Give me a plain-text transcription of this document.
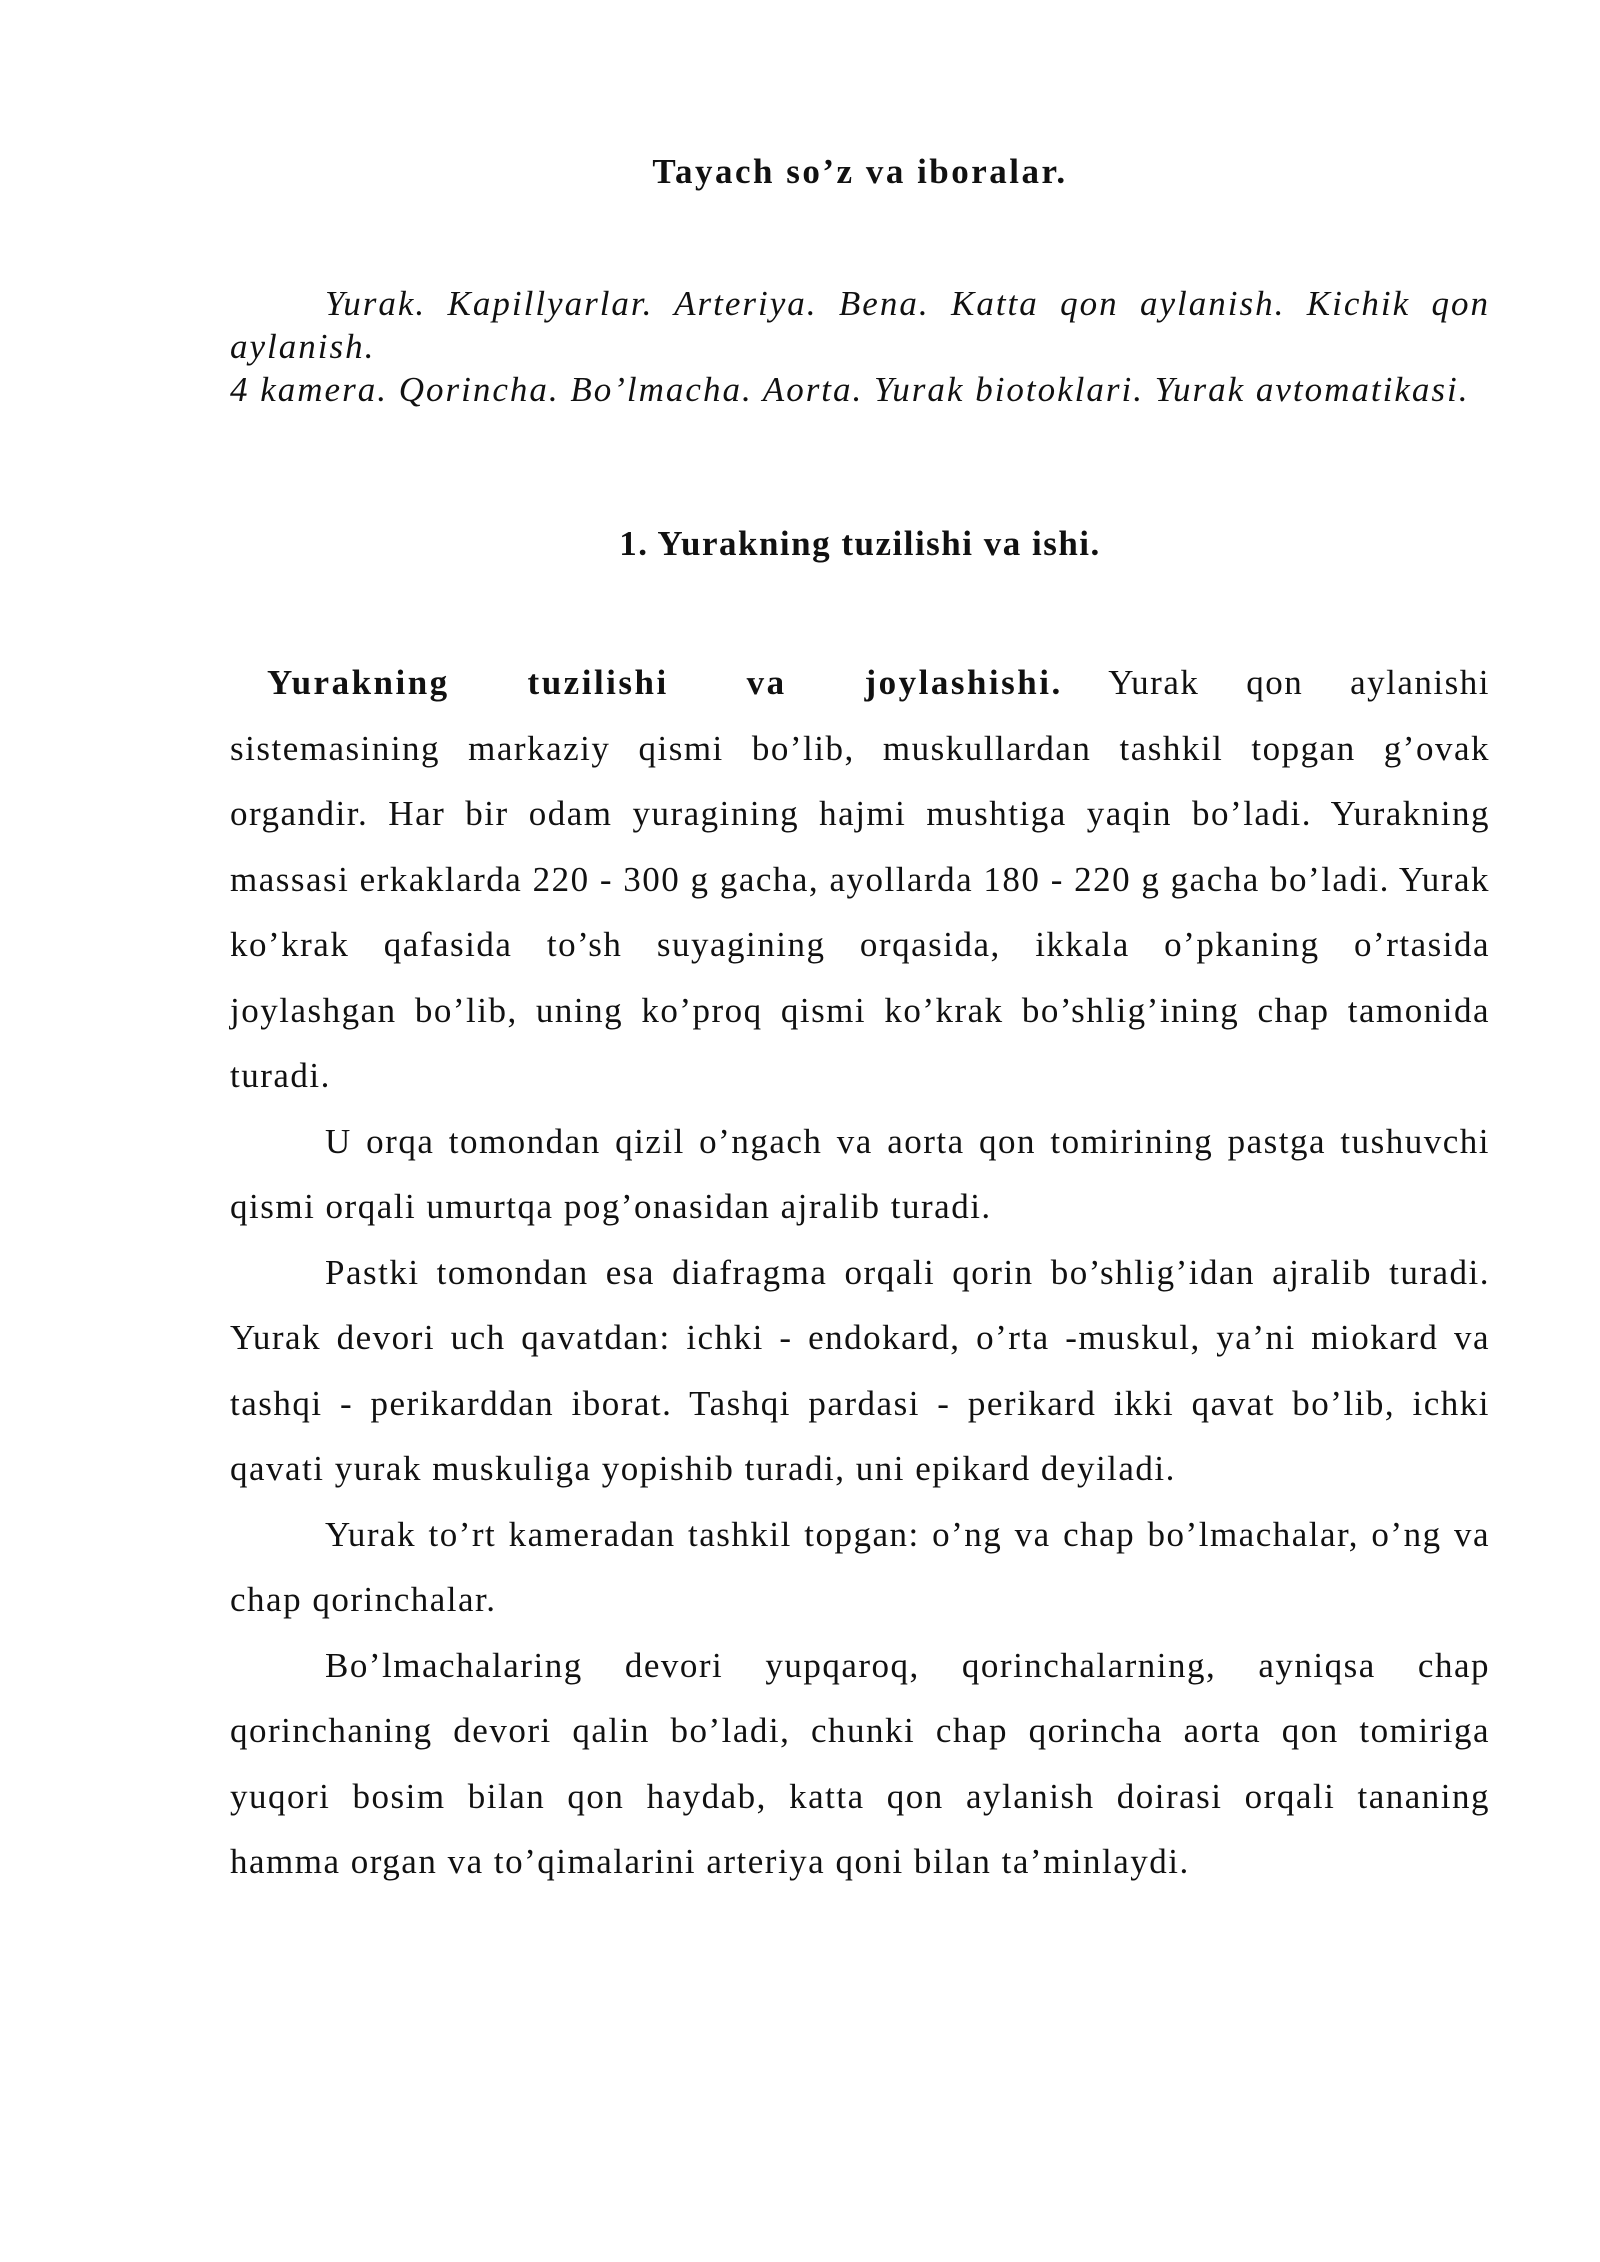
Tayach so’z va iboralar.

Yurak. Kapillyarlar. Arteriya. Bena. Katta qon aylanish. Kichik qon aylanish.

4 kamera. Qorincha. Bo’lmacha. Aorta. Yurak biotoklari. Yurak avtomatikasi.

1. Yurakning tuzilishi va ishi.

Yurakning tuzilishi va joylashishi. Yurak qon aylanishi sistemasining markaziy qismi bo’lib, muskullardan tashkil topgan g’ovak organdir. Har bir odam yuragining hajmi mushtiga yaqin bo’ladi. Yurakning massasi erkaklarda 220 - 300 g gacha, ayollarda 180 - 220 g gacha bo’ladi. Yurak ko’krak qafasida to’sh suyagining orqasida, ikkala o’pkaning o’rtasida joylashgan bo’lib, uning ko’proq qismi ko’krak bo’shlig’ining chap tamonida turadi.

U orqa tomondan qizil o’ngach va aorta qon tomirining pastga tushuvchi qismi orqali umurtqa pog’onasidan ajralib turadi.

Pastki tomondan esa diafragma orqali qorin bo’shlig’idan ajralib turadi. Yurak devori uch qavatdan: ichki - endokard, o’rta -muskul, ya’ni miokard va tashqi - perikarddan iborat. Tashqi pardasi - perikard ikki qavat bo’lib, ichki qavati yurak muskuliga yopishib turadi, uni epikard deyiladi.

Yurak to’rt kameradan tashkil topgan: o’ng va chap bo’lmachalar, o’ng va chap qorinchalar.

Bo’lmachalaring devori yupqaroq, qorinchalarning, ayniqsa chap qorinchaning devori qalin bo’ladi, chunki chap qorincha aorta qon tomiriga yuqori bosim bilan qon haydab, katta qon aylanish doirasi orqali tananing hamma organ va to’qimalarini arteriya qoni bilan ta’minlaydi.
